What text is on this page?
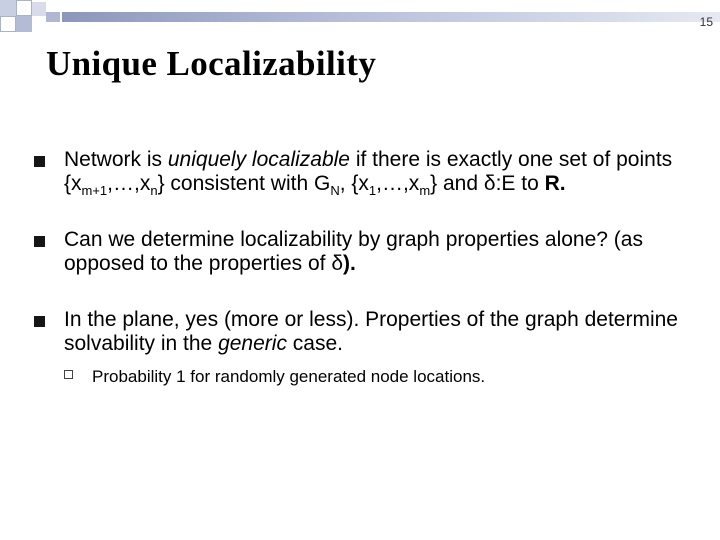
15
Unique Localizability
Network is uniquely localizable if there is exactly one set of points $\{x_{m+1},\dots,x_n\}$ consistent with $G_N$, $\{x_1,\dots,x_m\}$ and δ:E to R.
Can we determine localizability by graph properties alone? (as opposed to the properties of δ).
In the plane, yes (more or less). Properties of the graph determine solvability in the generic case.
Probability 1 for randomly generated node locations.
